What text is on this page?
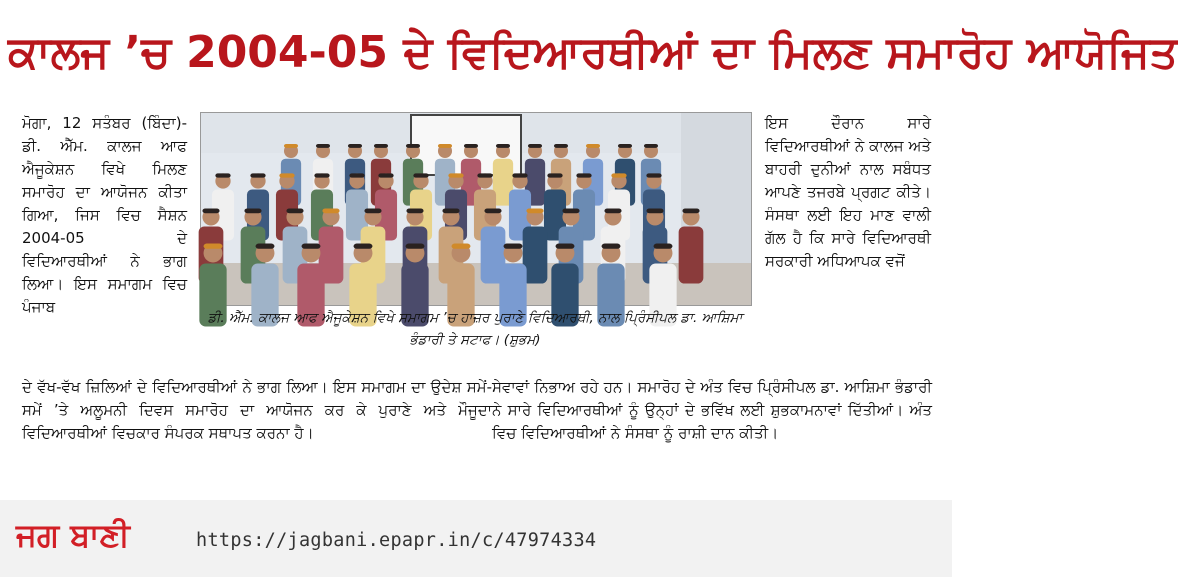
ਕਾਲਜ ’ਚ 2004-05 ਦੇ ਵਿਦਿਆਰਥੀਆਂ ਦਾ ਮਿਲਣ ਸਮਾਰੋਹ ਆਯੋਜਿਤ

ਮੋਗਾ, 12 ਸਤੰਬਰ (ਬਿੰਦਾ)- ਡੀ. ਐੱਮ. ਕਾਲਜ ਆਫ ਐਜੂਕੇਸ਼ਨ ਵਿਖੇ ਮਿਲਣ ਸਮਾਰੋਹ ਦਾ ਆਯੋਜਨ ਕੀਤਾ ਗਿਆ, ਜਿਸ ਵਿਚ ਸੈਸ਼ਨ 2004-05 ਦੇ ਵਿਦਿਆਰਥੀਆਂ ਨੇ ਭਾਗ ਲਿਆ। ਇਸ ਸਮਾਗਮ ਵਿਚ ਪੰਜਾਬ

ਇਸ ਦੌਰਾਨ ਸਾਰੇ ਵਿਦਿਆਰਥੀਆਂ ਨੇ ਕਾਲਜ ਅਤੇ ਬਾਹਰੀ ਦੁਨੀਆਂ ਨਾਲ ਸਬੰਧਤ ਆਪਣੇ ਤਜਰਬੇ ਪ੍ਰਗਟ ਕੀਤੇ। ਸੰਸਥਾ ਲਈ ਇਹ ਮਾਣ ਵਾਲੀ ਗੱਲ ਹੈ ਕਿ ਸਾਰੇ ਵਿਦਿਆਰਥੀ ਸਰਕਾਰੀ ਅਧਿਆਪਕ ਵਜੋਂ

ਡੀ. ਐੱਮ. ਕਾਲਜ ਆਫ ਐਜੂਕੇਸ਼ਨ ਵਿਖੇ ਸਮਾਗਮ ’ਚ ਹਾਜ਼ਰ ਪੁਰਾਣੇ ਵਿਦਿਆਰਥੀ, ਨਾਲ ਪ੍ਰਿੰਸੀਪਲ ਡਾ. ਆਸ਼ਿਮਾ ਭੰਡਾਰੀ ਤੇ ਸਟਾਫ। (ਸ਼ੁਭਮ)

ਦੇ ਵੱਖ-ਵੱਖ ਜ਼ਿਲਿਆਂ ਦੇ ਵਿਦਿਆਰਥੀਆਂ ਨੇ ਭਾਗ ਲਿਆ। ਇਸ ਸਮਾਗਮ ਦਾ ਉਦੇਸ਼ ਸਮੇਂ-ਸਮੇਂ ’ਤੇ ਅਲੂਮਨੀ ਦਿਵਸ ਸਮਾਰੋਹ ਦਾ ਆਯੋਜਨ ਕਰ ਕੇ ਪੁਰਾਣੇ ਅਤੇ ਮੌਜੂਦਾ ਵਿਦਿਆਰਥੀਆਂ ਵਿਚਕਾਰ ਸੰਪਰਕ ਸਥਾਪਤ ਕਰਨਾ ਹੈ।

ਸੇਵਾਵਾਂ ਨਿਭਾਅ ਰਹੇ ਹਨ। ਸਮਾਰੋਹ ਦੇ ਅੰਤ ਵਿਚ ਪ੍ਰਿੰਸੀਪਲ ਡਾ. ਆਸ਼ਿਮਾ ਭੰਡਾਰੀ ਨੇ ਸਾਰੇ ਵਿਦਿਆਰਥੀਆਂ ਨੂੰ ਉਨ੍ਹਾਂ ਦੇ ਭਵਿੱਖ ਲਈ ਸ਼ੁਭਕਾਮਨਾਵਾਂ ਦਿੱਤੀਆਂ। ਅੰਤ ਵਿਚ ਵਿਦਿਆਰਥੀਆਂ ਨੇ ਸੰਸਥਾ ਨੂੰ ਰਾਸ਼ੀ ਦਾਨ ਕੀਤੀ।

ਜਗ ਬਾਣੀ	https://jagbani.epapr.in/c/47974334
